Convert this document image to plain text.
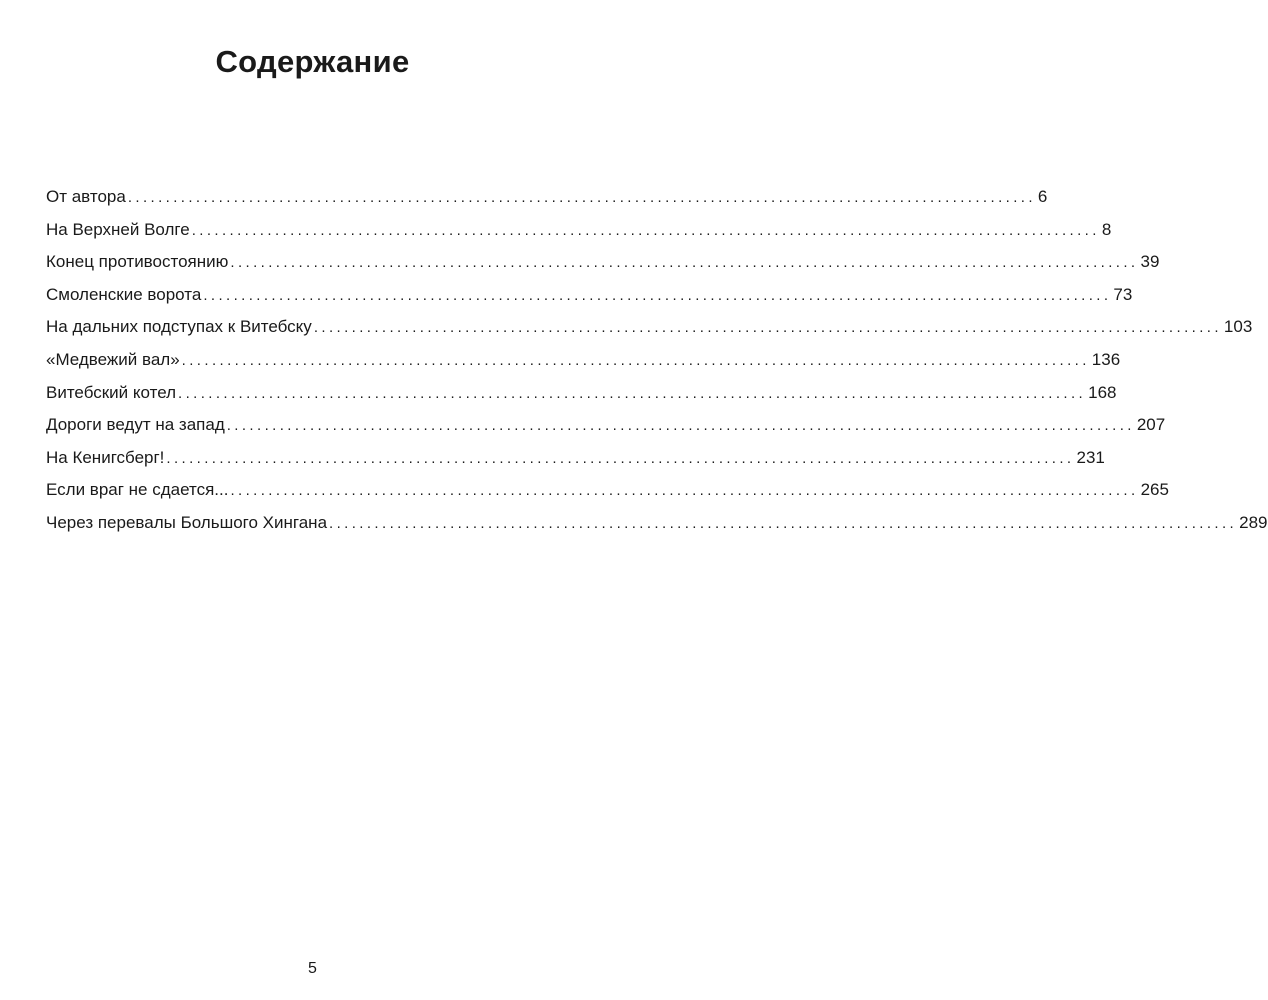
Содержание
От автора ........................................................................................................................ 6
На Верхней Волге ........................................................................................................................ 8
Конец противостоянию ........................................................................................................................ 39
Смоленские ворота ........................................................................................................................ 73
На дальних подступах к Витебску ........................................................................................................................ 103
«Медвежий вал» ........................................................................................................................ 136
Витебский котел ........................................................................................................................ 168
Дороги ведут на запад ........................................................................................................................ 207
На Кенигсберг! ........................................................................................................................ 231
Если враг не сдается... ........................................................................................................................ 265
Через перевалы Большого Хингана ........................................................................................................................ 289
5
